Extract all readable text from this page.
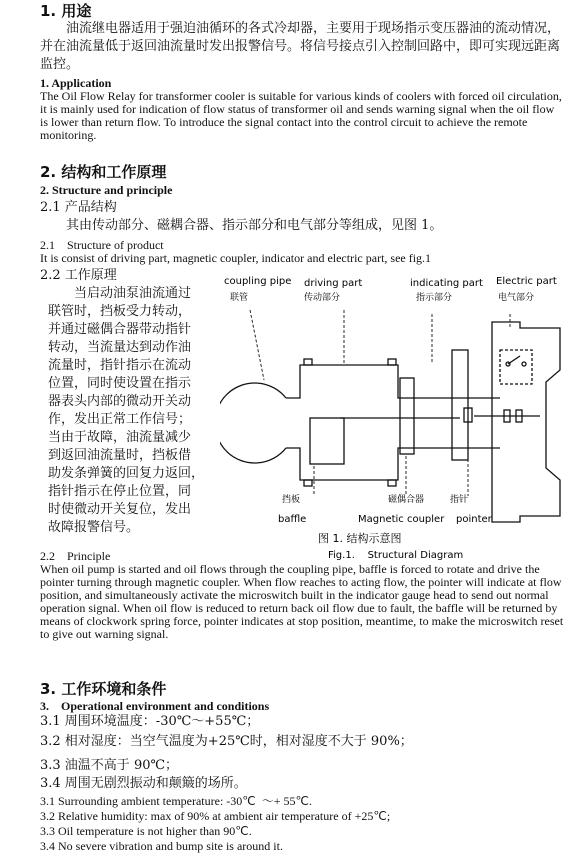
1. 用途

油流继电器适用于强迫油循环的各式冷却器，主要用于现场指示变压器油的流动情况，并在油流量低于返回油流量时发出报警信号。将信号接点引入控制回路中，即可实现远距离监控。

1. Application

The Oil Flow Relay for transformer cooler is suitable for various kinds of coolers with forced oil circulation, it is mainly used for indication of flow status of transformer oil and sends warning signal when the oil flow is lower than return flow. To introduce the signal contact into the control circuit to achieve the remote monitoring.

2. 结构和工作原理
2. Structure and principle
2.1 产品结构

其由传动部分、磁耦合器、指示部分和电气部分等组成，见图 1。

2.1    Structure of product
It is consist of driving part, magnetic coupler, indicator and electric part, see fig.1
2.2 工作原理
当启动油泵油流通过
联管时，挡板受力转动，
并通过磁偶合器带动指针
转动，当流量达到动作油
流量时，指针指示在流动
位置，同时使设置在指示
器表头内部的微动开关动
作，发出正常工作信号；
当由于故障，油流量减少
到返回油流量时，挡板借
助发条弹簧的回复力返回，
指针指示在停止位置，同
时使微动开关复位，发出
故障报警信号。
coupling pipe
联管
driving part
传动部分
indicating part
指示部分
Electric part
电气部分
挡板
baffle
磁偶合器
Magnetic coupler
指针
pointer
图 1. 结构示意图
Fig.1.    Structural Diagram
2.2    Principle

When oil pump is started and oil flows through the coupling pipe, baffle is forced to rotate and drive the pointer turning through magnetic coupler. When flow reaches to acting flow, the pointer will indicate at flow position, and simultaneously activate the microswitch built in the indicator gauge head to send out normal operation signal. When oil flow is reduced to return back oil flow due to fault, the baffle will be returned by means of clockwork spring force, pointer indicates at stop position, meantime, to make the microswitch reset to give out warning signal.

3. 工作环境和条件
3.    Operational environment and conditions
3.1 周围环境温度：-30℃～+55℃；
3.2 相对湿度：当空气温度为+25℃时，相对湿度不大于 90%；
3.3 油温不高于 90℃；
3.4 周围无剧烈振动和颠簸的场所。
3.1 Surrounding ambient temperature: -30℃  ～+ 55℃.
3.2 Relative humidity: max of 90% at ambient air temperature of +25℃;
3.3 Oil temperature is not higher than 90℃.
3.4 No severe vibration and bump site is around it.
